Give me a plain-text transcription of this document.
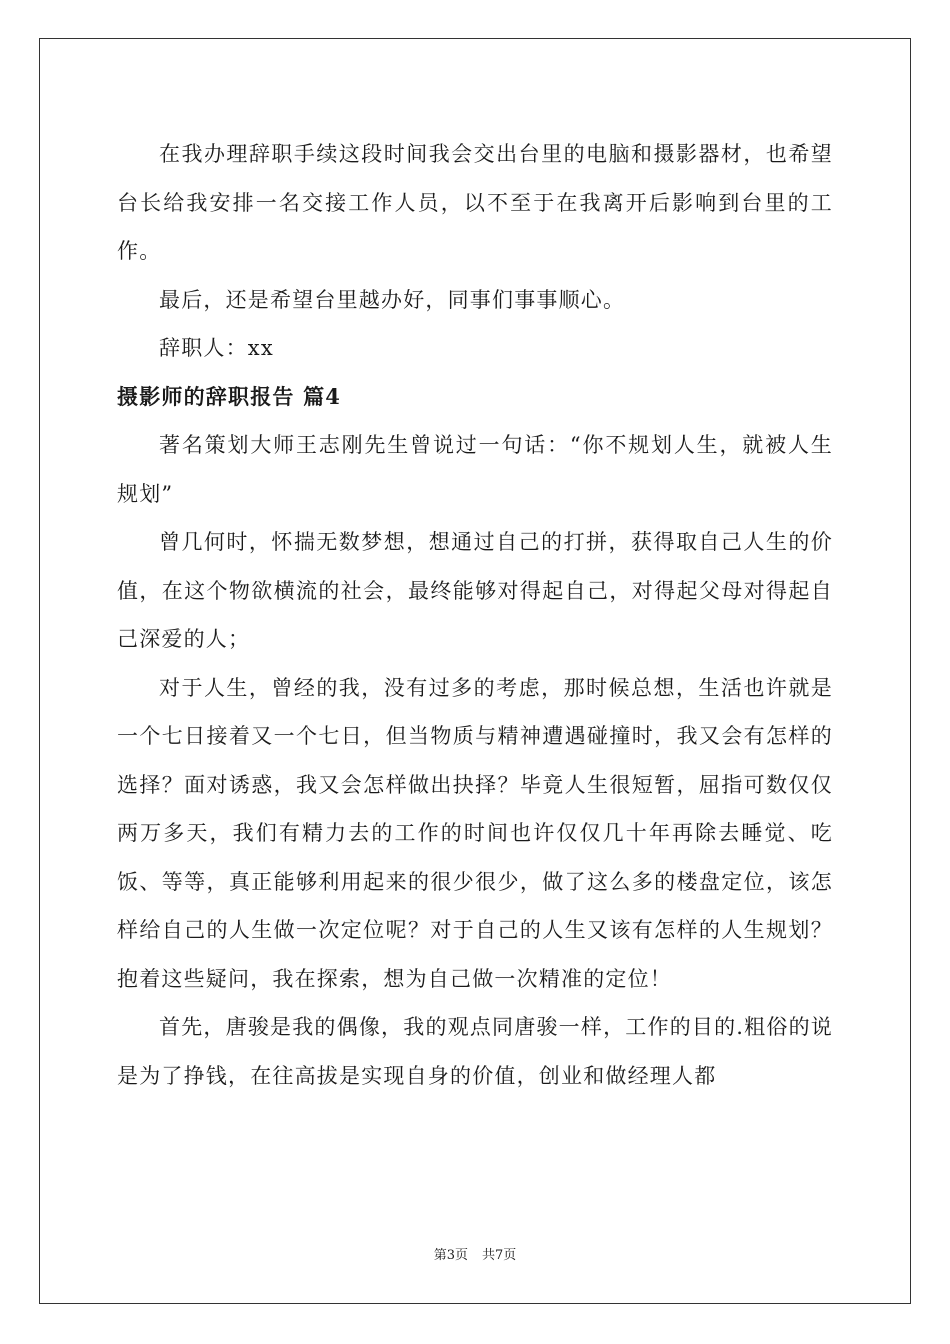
在我办理辞职手续这段时间我会交出台里的电脑和摄影器材，也希望台长给我安排一名交接工作人员，以不至于在我离开后影响到台里的工作。

最后，还是希望台里越办好，同事们事事顺心。

辞职人：xx

摄影师的辞职报告 篇4

著名策划大师王志刚先生曾说过一句话：“你不规划人生，就被人生规划”

曾几何时，怀揣无数梦想，想通过自己的打拼，获得取自己人生的价值，在这个物欲横流的社会，最终能够对得起自己，对得起父母对得起自己深爱的人；

对于人生，曾经的我，没有过多的考虑，那时候总想，生活也许就是一个七日接着又一个七日，但当物质与精神遭遇碰撞时，我又会有怎样的选择？面对诱惑，我又会怎样做出抉择？毕竟人生很短暂，屈指可数仅仅两万多天，我们有精力去的工作的时间也许仅仅几十年再除去睡觉、吃饭、等等，真正能够利用起来的很少很少，做了这么多的楼盘定位，该怎样给自己的人生做一次定位呢？对于自己的人生又该有怎样的人生规划？抱着这些疑问，我在探索，想为自己做一次精准的定位！

首先，唐骏是我的偶像，我的观点同唐骏一样，工作的目的.粗俗的说是为了挣钱，在往高拔是实现自身的价值，创业和做经理人都

第3页 共7页
